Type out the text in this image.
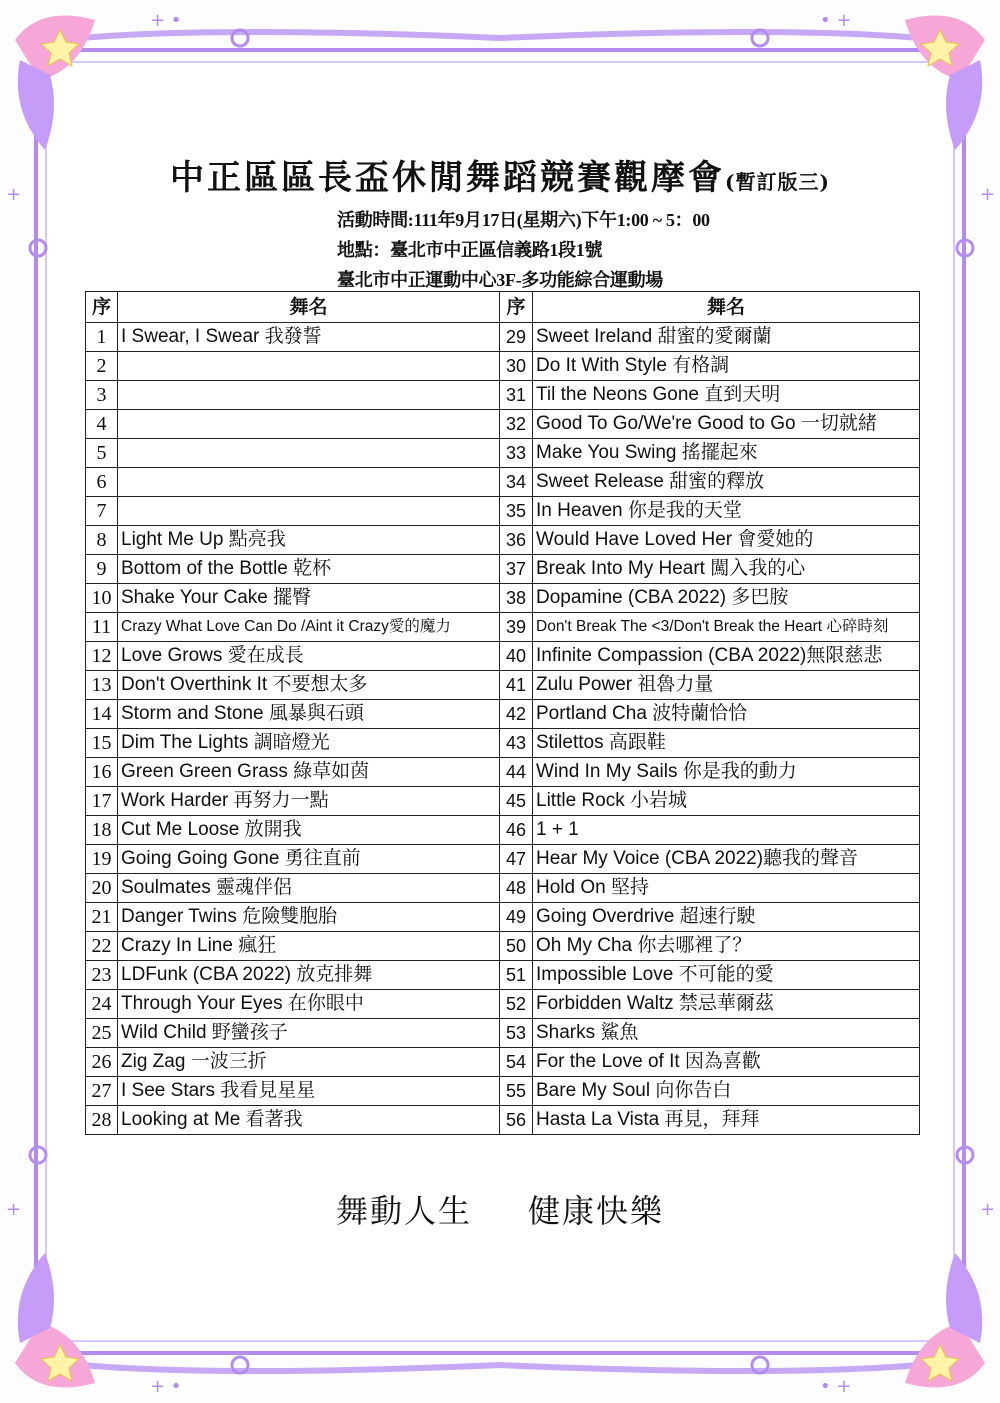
+ •	• +
+ •	• +
+	+
+	+
中正區區長盃休閒舞蹈競賽觀摩會(暫訂版三)
活動時間:111年9月17日(星期六)下午1:00 ~ 5：00
地點：臺北市中正區信義路1段1號
臺北市中正運動中心3F-多功能綜合運動場
序	舞名	序	舞名
1	I Swear, I Swear 我發誓	29	Sweet Ireland 甜蜜的愛爾蘭
2		30	Do It With Style 有格調
3		31	Til the Neons Gone 直到天明
4		32	Good To Go/We're Good to Go 一切就緒
5		33	Make You Swing 搖擺起來
6		34	Sweet Release 甜蜜的釋放
7		35	In Heaven 你是我的天堂
8	Light Me Up 點亮我	36	Would Have Loved Her 會愛她的
9	Bottom of the Bottle 乾杯	37	Break Into My Heart 闖入我的心
10	Shake Your Cake 擺臀	38	Dopamine (CBA 2022) 多巴胺
11	Crazy What Love Can Do /Aint it Crazy愛的魔力	39	Don't Break The <3/Don't Break the Heart 心碎時刻
12	Love Grows 愛在成長	40	Infinite Compassion (CBA 2022)無限慈悲
13	Don't Overthink It 不要想太多	41	Zulu Power 祖魯力量
14	Storm and Stone 風暴與石頭	42	Portland Cha 波特蘭恰恰
15	Dim The Lights 調暗燈光	43	Stilettos 高跟鞋
16	Green Green Grass 綠草如茵	44	Wind In My Sails 你是我的動力
17	Work Harder 再努力一點	45	Little Rock 小岩城
18	Cut Me Loose 放開我	46	1 + 1
19	Going Going Gone 勇往直前	47	Hear My Voice (CBA 2022)聽我的聲音
20	Soulmates 靈魂伴侶	48	Hold On 堅持
21	Danger Twins 危險雙胞胎	49	Going Overdrive 超速行駛
22	Crazy In Line 瘋狂	50	Oh My Cha 你去哪裡了？
23	LDFunk (CBA 2022) 放克排舞	51	Impossible Love 不可能的愛
24	Through Your Eyes 在你眼中	52	Forbidden Waltz 禁忌華爾茲
25	Wild Child 野蠻孩子	53	Sharks 鯊魚
26	Zig Zag 一波三折	54	For the Love of It 因為喜歡
27	I See Stars 我看見星星	55	Bare My Soul 向你告白
28	Looking at Me 看著我	56	Hasta La Vista 再見，拜拜
舞動人生 健康快樂
